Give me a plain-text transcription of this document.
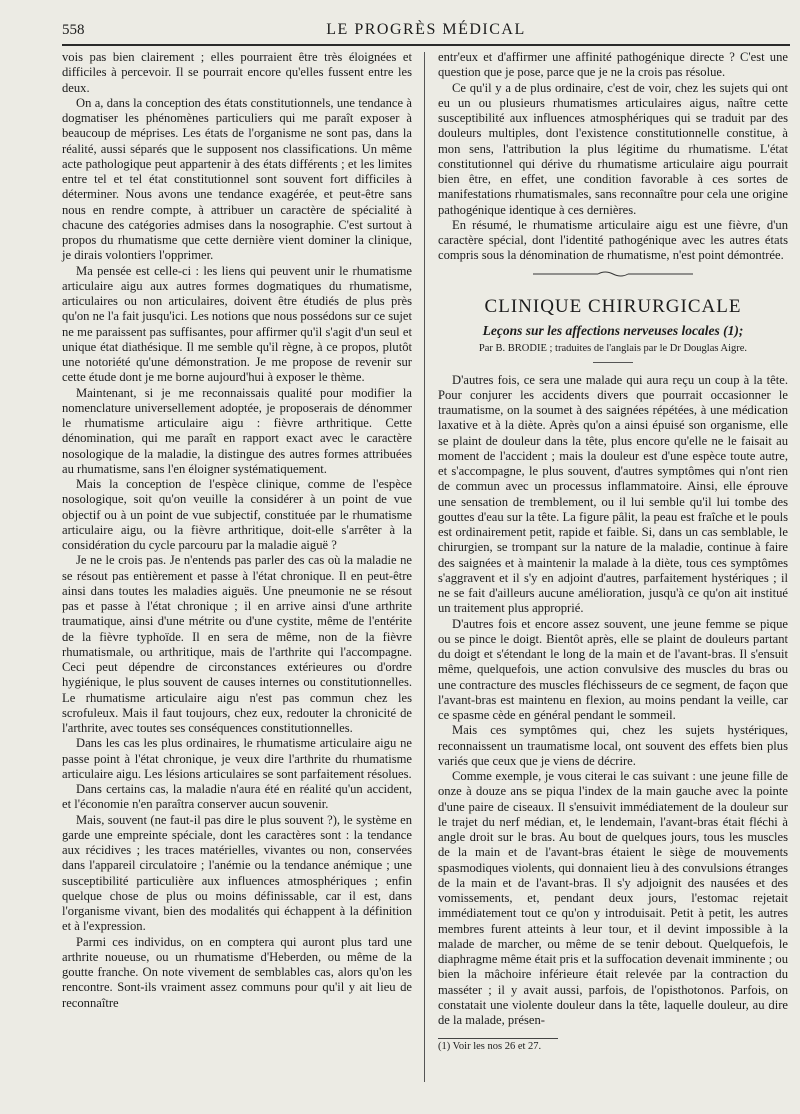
558	LE PROGRÈS MÉDICAL

vois pas bien clairement ; elles pourraient être très éloignées et difficiles à percevoir. Il se pourrait encore qu'elles fussent entre les deux.

On a, dans la conception des états constitutionnels, une tendance à dogmatiser les phénomènes particuliers qui me paraît exposer à beaucoup de méprises. Les états de l'organisme ne sont pas, dans la réalité, aussi séparés que le supposent nos classifications. Un même acte pathologique peut appartenir à des états différents ; et les limites entre tel et tel état constitutionnel sont souvent fort difficiles à déterminer. Nous avons une tendance exagérée, et peut-être sans nous en rendre compte, à attribuer un caractère de spécialité à chacune des catégories admises dans la nosographie. C'est surtout à propos du rhumatisme que cette dernière vient dominer la clinique, je dirais volontiers l'opprimer.

Ma pensée est celle-ci : les liens qui peuvent unir le rhumatisme articulaire aigu aux autres formes dogmatiques du rhumatisme, articulaires ou non articulaires, doivent être étudiés de plus près qu'on ne l'a fait jusqu'ici. Les notions que nous possédons sur ce sujet ne me paraissent pas suffisantes, pour affirmer qu'il s'agit d'un seul et unique état diathésique. Il me semble qu'il règne, à ce propos, plutôt une notoriété qu'une démonstration. Je me propose de revenir sur cette étude dont je me borne aujourd'hui à exposer le thème.

Maintenant, si je me reconnaissais qualité pour modifier la nomenclature universellement adoptée, je proposerais de dénommer le rhumatisme articulaire aigu : fièvre arthritique. Cette dénomination, qui me paraît en rapport exact avec le caractère nosologique de la maladie, la distingue des autres formes attribuées au rhumatisme, sans l'en éloigner systématiquement.

Mais la conception de l'espèce clinique, comme de l'espèce nosologique, soit qu'on veuille la considérer à un point de vue objectif ou à un point de vue subjectif, constituée par le rhumatisme articulaire aigu, ou la fièvre arthritique, doit-elle s'arrêter à la considération du cycle parcouru par la maladie aiguë ?

Je ne le crois pas. Je n'entends pas parler des cas où la maladie ne se résout pas entièrement et passe à l'état chronique. Il en peut-être ainsi dans toutes les maladies aiguës. Une pneumonie ne se résout pas et passe à l'état chronique ; il en arrive ainsi d'une arthrite traumatique, ainsi d'une métrite ou d'une cystite, même de l'entérite de la fièvre typhoïde. Il en sera de même, non de la fièvre rhumatismale, ou arthritique, mais de l'arthrite qui l'accompagne. Ceci peut dépendre de circonstances extérieures ou d'ordre hygiénique, le plus souvent de causes internes ou constitutionnelles. Le rhumatisme articulaire aigu n'est pas commun chez les scrofuleux. Mais il faut toujours, chez eux, redouter la chronicité de l'arthrite, avec toutes ses conséquences constitutionnelles.

Dans les cas les plus ordinaires, le rhumatisme articulaire aigu ne passe point à l'état chronique, je veux dire l'arthrite du rhumatisme articulaire aigu. Les lésions articulaires se sont parfaitement résolues.

Dans certains cas, la maladie n'aura été en réalité qu'un accident, et l'économie n'en paraîtra conserver aucun souvenir.

Mais, souvent (ne faut-il pas dire le plus souvent ?), le système en garde une empreinte spéciale, dont les caractères sont : la tendance aux récidives ; les traces matérielles, vivantes ou non, conservées dans l'appareil circulatoire ; l'anémie ou la tendance anémique ; une susceptibilité particulière aux influences atmosphériques ; enfin quelque chose de plus ou moins définissable, car il est, dans l'organisme vivant, bien des modalités qui échappent à la définition et à l'expression.

Parmi ces individus, on en comptera qui auront plus tard une arthrite noueuse, ou un rhumatisme d'Heberden, ou même de la goutte franche. On note vivement de semblables cas, alors qu'on les rencontre. Sont-ils vraiment assez communs pour qu'il y ait lieu de reconnaître

entr'eux et d'affirmer une affinité pathogénique directe ? C'est une question que je pose, parce que je ne la crois pas résolue.

Ce qu'il y a de plus ordinaire, c'est de voir, chez les sujets qui ont eu un ou plusieurs rhumatismes articulaires aigus, naître cette susceptibilité aux influences atmosphériques qui se traduit par des douleurs multiples, dont l'existence constitutionnelle constitue, à mon sens, l'attribution la plus légitime du rhumatisme. L'état constitutionnel qui dérive du rhumatisme articulaire aigu pourrait bien être, en effet, une condition favorable à ces sortes de manifestations rhumatismales, sans reconnaître pour cela une origine pathogénique identique à ces dernières.

En résumé, le rhumatisme articulaire aigu est une fièvre, d'un caractère spécial, dont l'identité pathogénique avec les autres états compris sous la dénomination de rhumatisme, n'est point démontrée.

CLINIQUE CHIRURGICALE
Leçons sur les affections nerveuses locales (1);
Par B. BRODIE ; traduites de l'anglais par le Dr Douglas Aigre.

D'autres fois, ce sera une malade qui aura reçu un coup à la tête. Pour conjurer les accidents divers que pourrait occasionner le traumatisme, on la soumet à des saignées répétées, à une médication laxative et à la diète. Après qu'on a ainsi épuisé son organisme, elle se plaint de douleur dans la tête, plus encore qu'elle ne le faisait au moment de l'accident ; mais la douleur est d'une espèce toute autre, et s'accompagne, le plus souvent, d'autres symptômes qui n'ont rien de commun avec un processus inflammatoire. Ainsi, elle éprouve une sensation de tremblement, ou il lui semble qu'il lui tombe des gouttes d'eau sur la tête. La figure pâlit, la peau est fraîche et le pouls est ordinairement petit, rapide et faible. Si, dans un cas semblable, le chirurgien, se trompant sur la nature de la maladie, continue à faire des saignées et à maintenir la malade à la diète, tous ces symptômes s'aggravent et il s'y en adjoint d'autres, parfaitement hystériques ; il ne se fait d'ailleurs aucune amélioration, jusqu'à ce qu'on ait institué un traitement plus approprié.

D'autres fois et encore assez souvent, une jeune femme se pique ou se pince le doigt. Bientôt après, elle se plaint de douleurs partant du doigt et s'étendant le long de la main et de l'avant-bras. Il s'ensuit même, quelquefois, une action convulsive des muscles du bras ou une contracture des muscles fléchisseurs de ce segment, de façon que l'avant-bras est maintenu en flexion, au moins pendant la veille, car ce spasme cède en général pendant le sommeil.

Mais ces symptômes qui, chez les sujets hystériques, reconnaissent un traumatisme local, ont souvent des effets bien plus variés que ceux que je viens de décrire.

Comme exemple, je vous citerai le cas suivant : une jeune fille de onze à douze ans se piqua l'index de la main gauche avec la pointe d'une paire de ciseaux. Il s'ensuivit immédiatement de la douleur sur le trajet du nerf médian, et, le lendemain, l'avant-bras était fléchi à angle droit sur le bras. Au bout de quelques jours, tous les muscles de la main et de l'avant-bras étaient le siège de mouvements spasmodiques violents, qui donnaient lieu à des convulsions étranges de la main et de l'avant-bras. Il s'y adjoignit des nausées et des vomissements, et, pendant deux jours, l'estomac rejetait immédiatement tout ce qu'on y introduisait. Petit à petit, les autres membres furent atteints à leur tour, et il devint impossible à la malade de marcher, ou même de se tenir debout. Quelquefois, le diaphragme même était pris et la suffocation devenait imminente ; ou bien la mâchoire inférieure était relevée par la contraction du masséter ; il y avait aussi, parfois, de l'opisthotonos. Parfois, on constatait une violente douleur dans la tête, laquelle douleur, au dire de la malade, présen-

(1) Voir les nos 26 et 27.
